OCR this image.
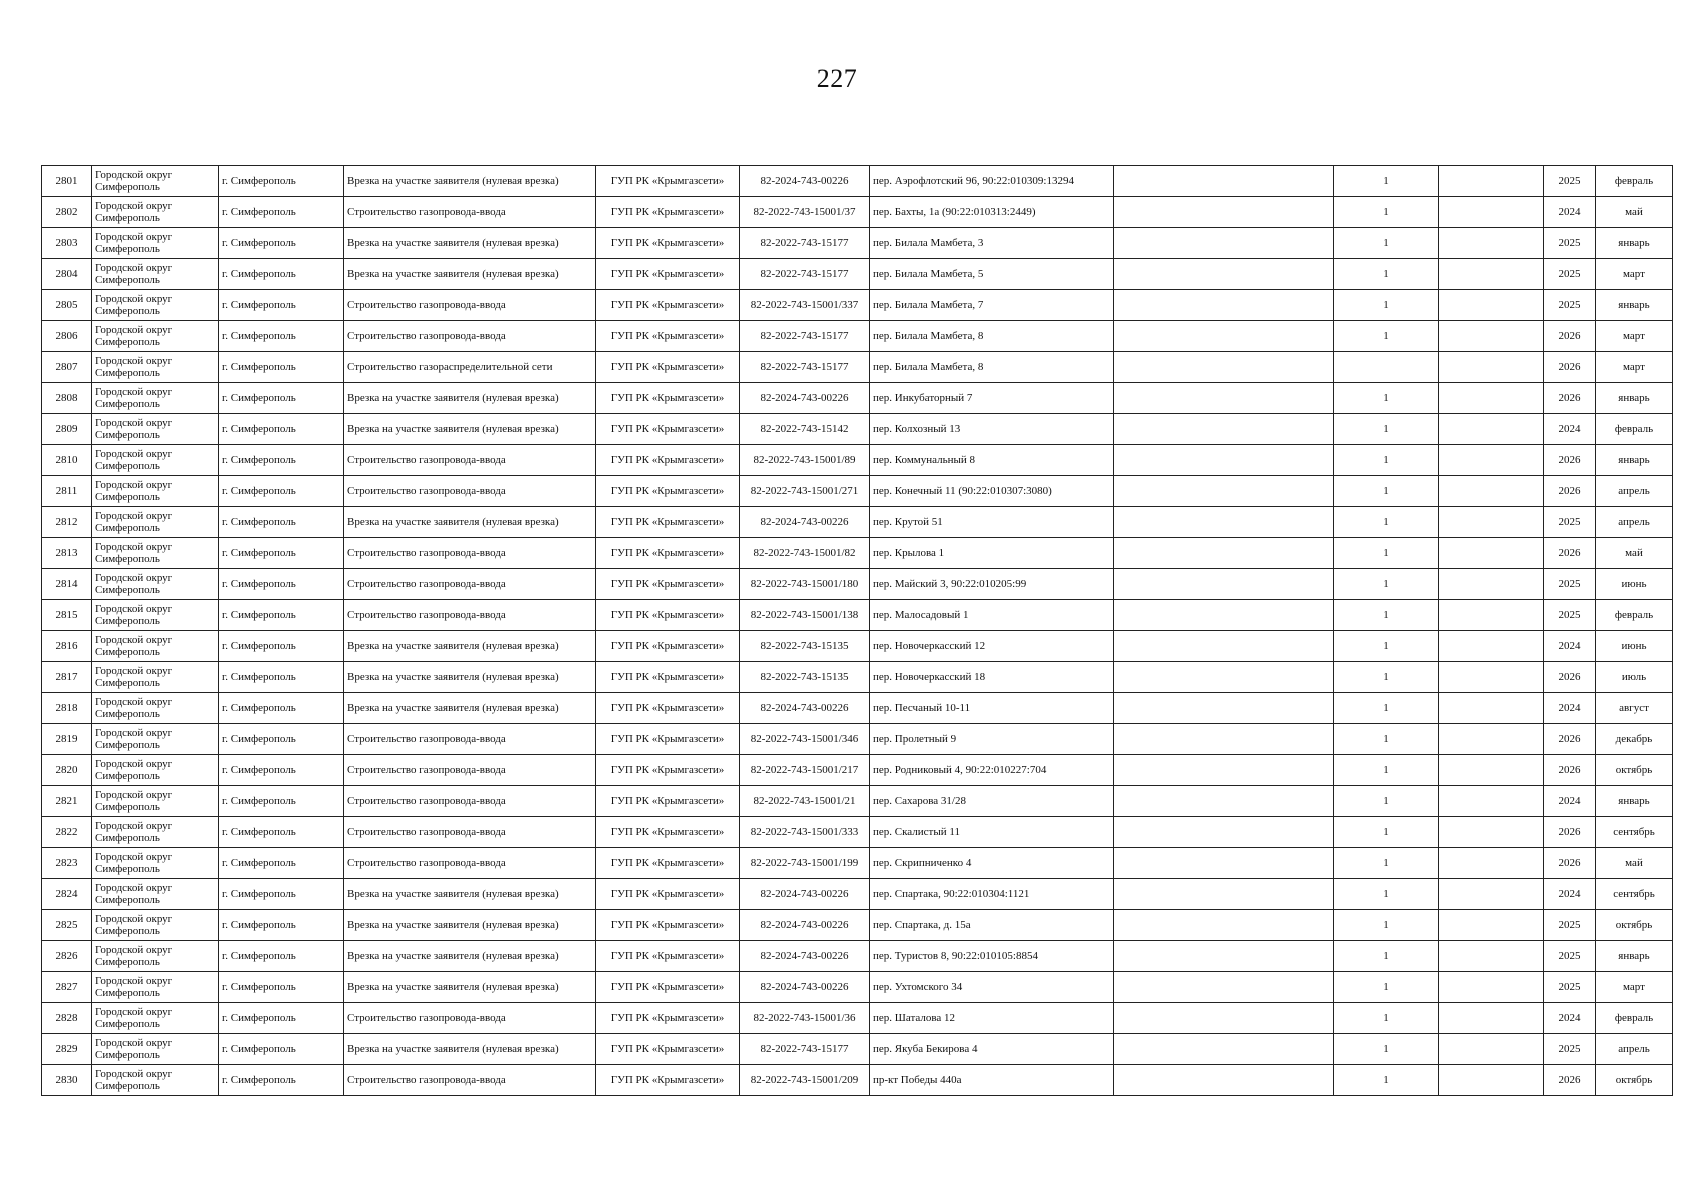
227
2801	Городской округ Симферополь	г. Симферополь	Врезка на участке заявителя (нулевая врезка)	ГУП РК «Крымгазсети»	82-2024-743-00226	пер. Аэрофлотский 96, 90:22:010309:13294		1		2025	февраль
2802	Городской округ Симферополь	г. Симферополь	Строительство газопровода-ввода	ГУП РК «Крымгазсети»	82-2022-743-15001/37	пер. Бахты, 1а (90:22:010313:2449)		1		2024	май
2803	Городской округ Симферополь	г. Симферополь	Врезка на участке заявителя (нулевая врезка)	ГУП РК «Крымгазсети»	82-2022-743-15177	пер. Билала Мамбета, 3		1		2025	январь
2804	Городской округ Симферополь	г. Симферополь	Врезка на участке заявителя (нулевая врезка)	ГУП РК «Крымгазсети»	82-2022-743-15177	пер. Билала Мамбета, 5		1		2025	март
2805	Городской округ Симферополь	г. Симферополь	Строительство газопровода-ввода	ГУП РК «Крымгазсети»	82-2022-743-15001/337	пер. Билала Мамбета, 7		1		2025	январь
2806	Городской округ Симферополь	г. Симферополь	Строительство газопровода-ввода	ГУП РК «Крымгазсети»	82-2022-743-15177	пер. Билала Мамбета, 8		1		2026	март
2807	Городской округ Симферополь	г. Симферополь	Строительство газораспределительной сети	ГУП РК «Крымгазсети»	82-2022-743-15177	пер. Билала Мамбета, 8				2026	март
2808	Городской округ Симферополь	г. Симферополь	Врезка на участке заявителя (нулевая врезка)	ГУП РК «Крымгазсети»	82-2024-743-00226	пер. Инкубаторный 7		1		2026	январь
2809	Городской округ Симферополь	г. Симферополь	Врезка на участке заявителя (нулевая врезка)	ГУП РК «Крымгазсети»	82-2022-743-15142	пер. Колхозный 13		1		2024	февраль
2810	Городской округ Симферополь	г. Симферополь	Строительство газопровода-ввода	ГУП РК «Крымгазсети»	82-2022-743-15001/89	пер. Коммунальный 8		1		2026	январь
2811	Городской округ Симферополь	г. Симферополь	Строительство газопровода-ввода	ГУП РК «Крымгазсети»	82-2022-743-15001/271	пер. Конечный 11 (90:22:010307:3080)		1		2026	апрель
2812	Городской округ Симферополь	г. Симферополь	Врезка на участке заявителя (нулевая врезка)	ГУП РК «Крымгазсети»	82-2024-743-00226	пер. Крутой 51		1		2025	апрель
2813	Городской округ Симферополь	г. Симферополь	Строительство газопровода-ввода	ГУП РК «Крымгазсети»	82-2022-743-15001/82	пер. Крылова 1		1		2026	май
2814	Городской округ Симферополь	г. Симферополь	Строительство газопровода-ввода	ГУП РК «Крымгазсети»	82-2022-743-15001/180	пер. Майский 3, 90:22:010205:99		1		2025	июнь
2815	Городской округ Симферополь	г. Симферополь	Строительство газопровода-ввода	ГУП РК «Крымгазсети»	82-2022-743-15001/138	пер. Малосадовый 1		1		2025	февраль
2816	Городской округ Симферополь	г. Симферополь	Врезка на участке заявителя (нулевая врезка)	ГУП РК «Крымгазсети»	82-2022-743-15135	пер. Новочеркасский 12		1		2024	июнь
2817	Городской округ Симферополь	г. Симферополь	Врезка на участке заявителя (нулевая врезка)	ГУП РК «Крымгазсети»	82-2022-743-15135	пер. Новочеркасский 18		1		2026	июль
2818	Городской округ Симферополь	г. Симферополь	Врезка на участке заявителя (нулевая врезка)	ГУП РК «Крымгазсети»	82-2024-743-00226	пер. Песчаный 10-11		1		2024	август
2819	Городской округ Симферополь	г. Симферополь	Строительство газопровода-ввода	ГУП РК «Крымгазсети»	82-2022-743-15001/346	пер. Пролетный 9		1		2026	декабрь
2820	Городской округ Симферополь	г. Симферополь	Строительство газопровода-ввода	ГУП РК «Крымгазсети»	82-2022-743-15001/217	пер. Родниковый 4, 90:22:010227:704		1		2026	октябрь
2821	Городской округ Симферополь	г. Симферополь	Строительство газопровода-ввода	ГУП РК «Крымгазсети»	82-2022-743-15001/21	пер. Сахарова 31/28		1		2024	январь
2822	Городской округ Симферополь	г. Симферополь	Строительство газопровода-ввода	ГУП РК «Крымгазсети»	82-2022-743-15001/333	пер. Скалистый 11		1		2026	сентябрь
2823	Городской округ Симферополь	г. Симферополь	Строительство газопровода-ввода	ГУП РК «Крымгазсети»	82-2022-743-15001/199	пер. Скрипниченко 4		1		2026	май
2824	Городской округ Симферополь	г. Симферополь	Врезка на участке заявителя (нулевая врезка)	ГУП РК «Крымгазсети»	82-2024-743-00226	пер. Спартака, 90:22:010304:1121		1		2024	сентябрь
2825	Городской округ Симферополь	г. Симферополь	Врезка на участке заявителя (нулевая врезка)	ГУП РК «Крымгазсети»	82-2024-743-00226	пер. Спартака, д. 15а		1		2025	октябрь
2826	Городской округ Симферополь	г. Симферополь	Врезка на участке заявителя (нулевая врезка)	ГУП РК «Крымгазсети»	82-2024-743-00226	пер. Туристов 8, 90:22:010105:8854		1		2025	январь
2827	Городской округ Симферополь	г. Симферополь	Врезка на участке заявителя (нулевая врезка)	ГУП РК «Крымгазсети»	82-2024-743-00226	пер. Ухтомского 34		1		2025	март
2828	Городской округ Симферополь	г. Симферополь	Строительство газопровода-ввода	ГУП РК «Крымгазсети»	82-2022-743-15001/36	пер. Шаталова 12		1		2024	февраль
2829	Городской округ Симферополь	г. Симферополь	Врезка на участке заявителя (нулевая врезка)	ГУП РК «Крымгазсети»	82-2022-743-15177	пер. Якуба Бекирова 4		1		2025	апрель
2830	Городской округ Симферополь	г. Симферополь	Строительство газопровода-ввода	ГУП РК «Крымгазсети»	82-2022-743-15001/209	пр-кт Победы 440а		1		2026	октябрь
